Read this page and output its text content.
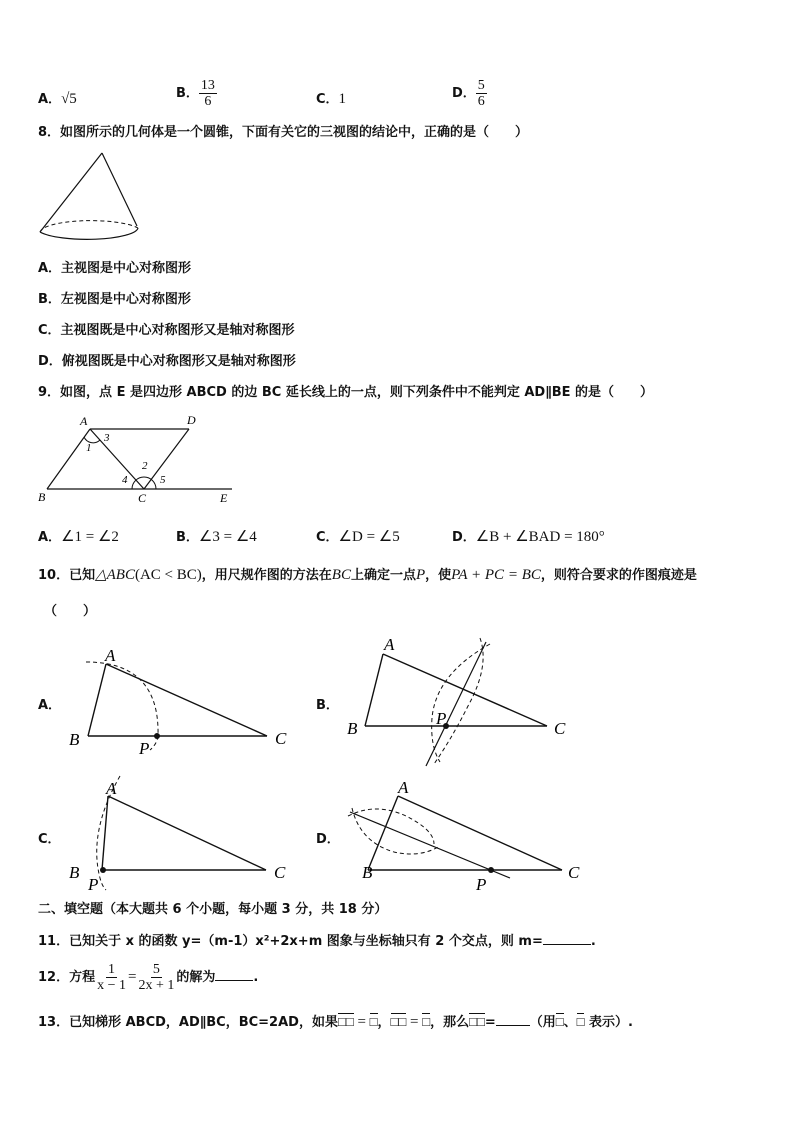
A．√5	B． $\frac{13}{6}$	C．1	D． $\frac{5}{6}$
8．如图所示的几何体是一个圆锥，下面有关它的三视图的结论中，正确的是（　　）
A．主视图是中心对称图形
B．左视图是中心对称图形
C．主视图既是中心对称图形又是轴对称图形
D．俯视图既是中心对称图形又是轴对称图形
9．如图，点 E 是四边形 ABCD 的边 BC 延长线上的一点，则下列条件中不能判定 AD∥BE 的是（　　）
A	D
B	C	E
1
2
3
4	5
A．∠1 = ∠2	B．∠3 = ∠4	C．∠D = ∠5	D．∠B + ∠BAD = 180°
10．已知△ABC(AC < BC)，用尺规作图的方法在BC上确定一点P，使PA + PC = BC，则符合要求的作图痕迹是
（　　）
A．
A
B	C
P
B．
A
B	C
P
C．
A
B	C
P
D．
A
B	C
P
二、填空题（本大题共 6 个小题，每小题 3 分，共 18 分）
11．已知关于 x 的函数 y=（m-1）x²+2x+m 图象与坐标轴只有 2 个交点，则 m=	.
12．方程 $\frac{1}{x - 1} = \frac{5}{2x + 1}$ 的解为	.
13．已知梯形 ABCD，AD∥BC，BC=2AD，如果□□ = □，□□ = □，那么□□=	（用□、□ 表示）.
